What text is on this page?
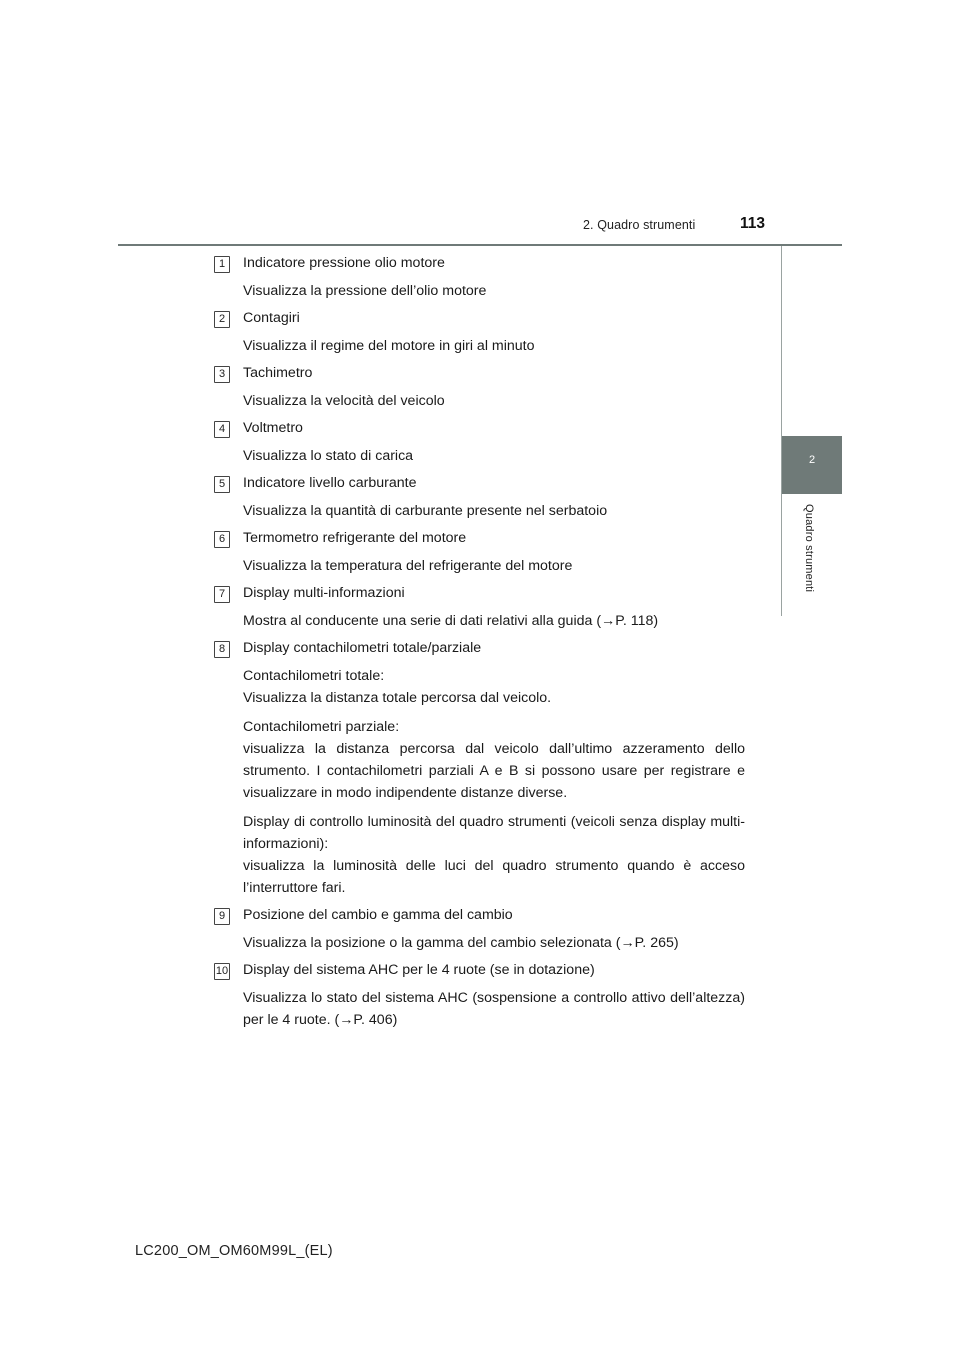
2. Quadro strumenti	113
2
Quadro strumenti
1	Indicatore pressione olio motore
Visualizza la pressione dell’olio motore
2	Contagiri
Visualizza il regime del motore in giri al minuto
3	Tachimetro
Visualizza la velocità del veicolo
4	Voltmetro
Visualizza lo stato di carica
5	Indicatore livello carburante
Visualizza la quantità di carburante presente nel serbatoio
6	Termometro refrigerante del motore
Visualizza la temperatura del refrigerante del motore
7	Display multi-informazioni
Mostra al conducente una serie di dati relativi alla guida (→P. 118)
8	Display contachilometri totale/parziale
Contachilometri totale:
Visualizza la distanza totale percorsa dal veicolo.
Contachilometri parziale:
visualizza la distanza percorsa dal veicolo dall’ultimo azzeramento dello strumento. I contachilometri parziali A e B si possono usare per registrare e visualizzare in modo indipendente distanze diverse.
Display di controllo luminosità del quadro strumenti (veicoli senza display multi-informazioni):
visualizza la luminosità delle luci del quadro strumento quando è acceso l’interruttore fari.
9	Posizione del cambio e gamma del cambio
Visualizza la posizione o la gamma del cambio selezionata (→P. 265)
10 Display del sistema AHC per le 4 ruote (se in dotazione)
Visualizza lo stato del sistema AHC (sospensione a controllo attivo dell’altezza) per le 4 ruote. (→P. 406)
LC200_OM_OM60M99L_(EL)
